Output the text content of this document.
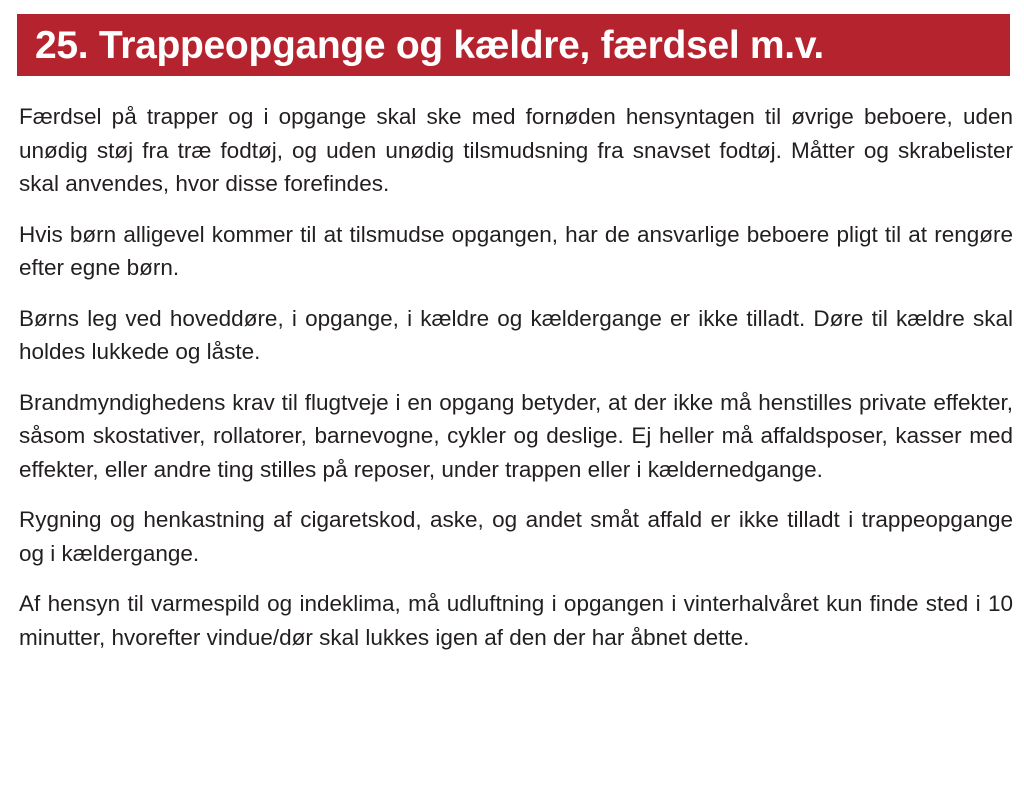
25. Trappeopgange og kældre, færdsel m.v.

Færdsel på trapper og i opgange skal ske med fornøden hensyntagen til øvrige beboere, uden unødig støj fra træ fodtøj, og uden unødig tilsmudsning fra snavset fodtøj. Måtter og skrabelister skal anvendes, hvor disse forefindes.

Hvis børn alligevel kommer til at tilsmudse opgangen, har de ansvarlige beboere pligt til at rengøre efter egne børn.

Børns leg ved hoveddøre, i opgange, i kældre og kældergange er ikke tilladt. Døre til kældre skal holdes lukkede og låste.

Brandmyndighedens krav til flugtveje i en opgang betyder, at der ikke må henstilles private effekter, såsom skostativer, rollatorer, barnevogne, cykler og deslige. Ej heller må affaldsposer, kasser med effekter, eller andre ting stilles på reposer, under trappen eller i kældernedgange.

Rygning og henkastning af cigaretskod, aske, og andet småt affald er ikke tilladt i trappeopgange og i kældergange.

Af hensyn til varmespild og indeklima, må udluftning i opgangen i vinterhalvåret kun finde sted i 10 minutter, hvorefter vindue/dør skal lukkes igen af den der har åbnet dette.
